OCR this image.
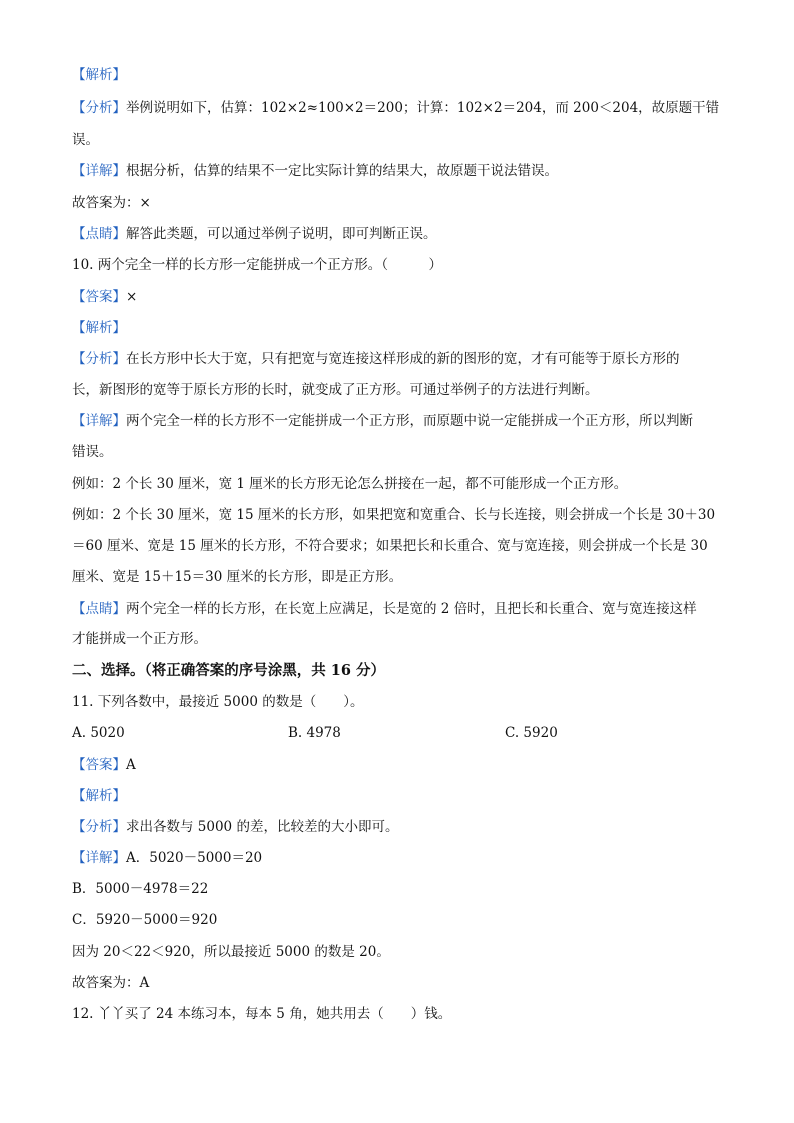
【解析】
【分析】举例说明如下，估算：102×2≈100×2＝200；计算：102×2＝204，而 200＜204，故原题干错
误。
【详解】根据分析，估算的结果不一定比实际计算的结果大，故原题干说法错误。
故答案为：×
【点睛】解答此类题，可以通过举例子说明，即可判断正误。
10. 两个完全一样的长方形一定能拼成一个正方形。（　　　）
【答案】×
【解析】
【分析】在长方形中长大于宽，只有把宽与宽连接这样形成的新的图形的宽，才有可能等于原长方形的
长，新图形的宽等于原长方形的长时，就变成了正方形。可通过举例子的方法进行判断。
【详解】两个完全一样的长方形不一定能拼成一个正方形，而原题中说一定能拼成一个正方形，所以判断
错误。
例如：2 个长 30 厘米，宽 1 厘米的长方形无论怎么拼接在一起，都不可能形成一个正方形。
例如：2 个长 30 厘米，宽 15 厘米的长方形，如果把宽和宽重合、长与长连接，则会拼成一个长是 30＋30
＝60 厘米、宽是 15 厘米的长方形，不符合要求；如果把长和长重合、宽与宽连接，则会拼成一个长是 30
厘米、宽是 15＋15＝30 厘米的长方形，即是正方形。
【点睛】两个完全一样的长方形，在长宽上应满足，长是宽的 2 倍时，且把长和长重合、宽与宽连接这样
才能拼成一个正方形。
二、选择。（将正确答案的序号涂黑，共 16 分）
11. 下列各数中，最接近 5000 的数是（　　）。
A. 5020	B. 4978	C. 5920
【答案】A
【解析】
【分析】求出各数与 5000 的差，比较差的大小即可。
【详解】A．5020－5000＝20
B．5000－4978＝22
C．5920－5000＝920
因为 20＜22＜920，所以最接近 5000 的数是 20。
故答案为：A
12. 丫丫买了 24 本练习本，每本 5 角，她共用去（　　）钱。
